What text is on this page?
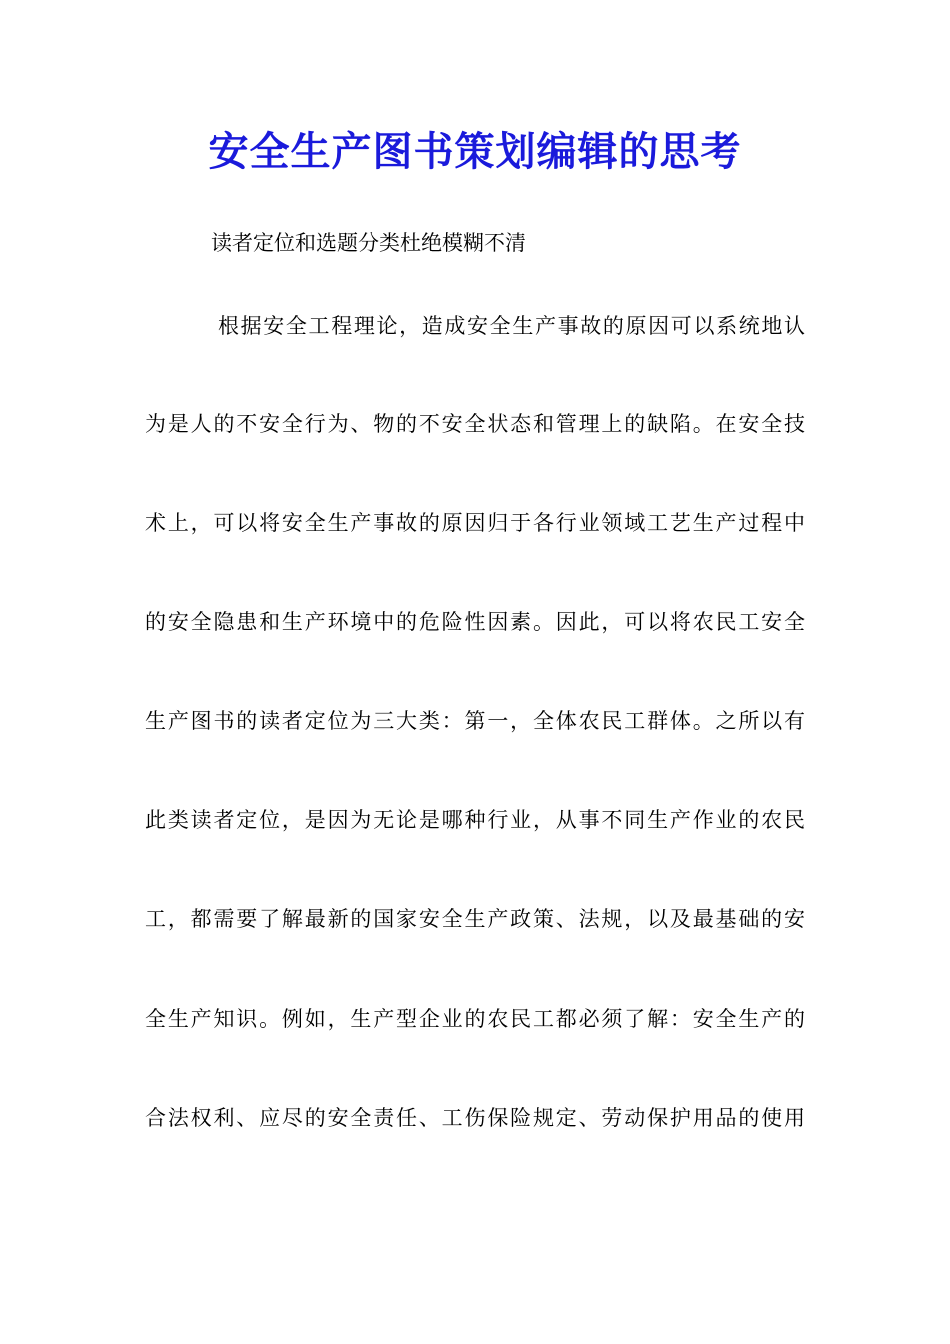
安全生产图书策划编辑的思考
读者定位和选题分类杜绝模糊不清
根据安全工程理论，造成安全生产事故的原因可以系统地认
为是人的不安全行为、物的不安全状态和管理上的缺陷。在安全技
术上，可以将安全生产事故的原因归于各行业领域工艺生产过程中
的安全隐患和生产环境中的危险性因素。因此，可以将农民工安全
生产图书的读者定位为三大类：第一，全体农民工群体。之所以有
此类读者定位，是因为无论是哪种行业，从事不同生产作业的农民
工，都需要了解最新的国家安全生产政策、法规，以及最基础的安
全生产知识。例如，生产型企业的农民工都必须了解：安全生产的
合法权利、应尽的安全责任、工伤保险规定、劳动保护用品的使用
